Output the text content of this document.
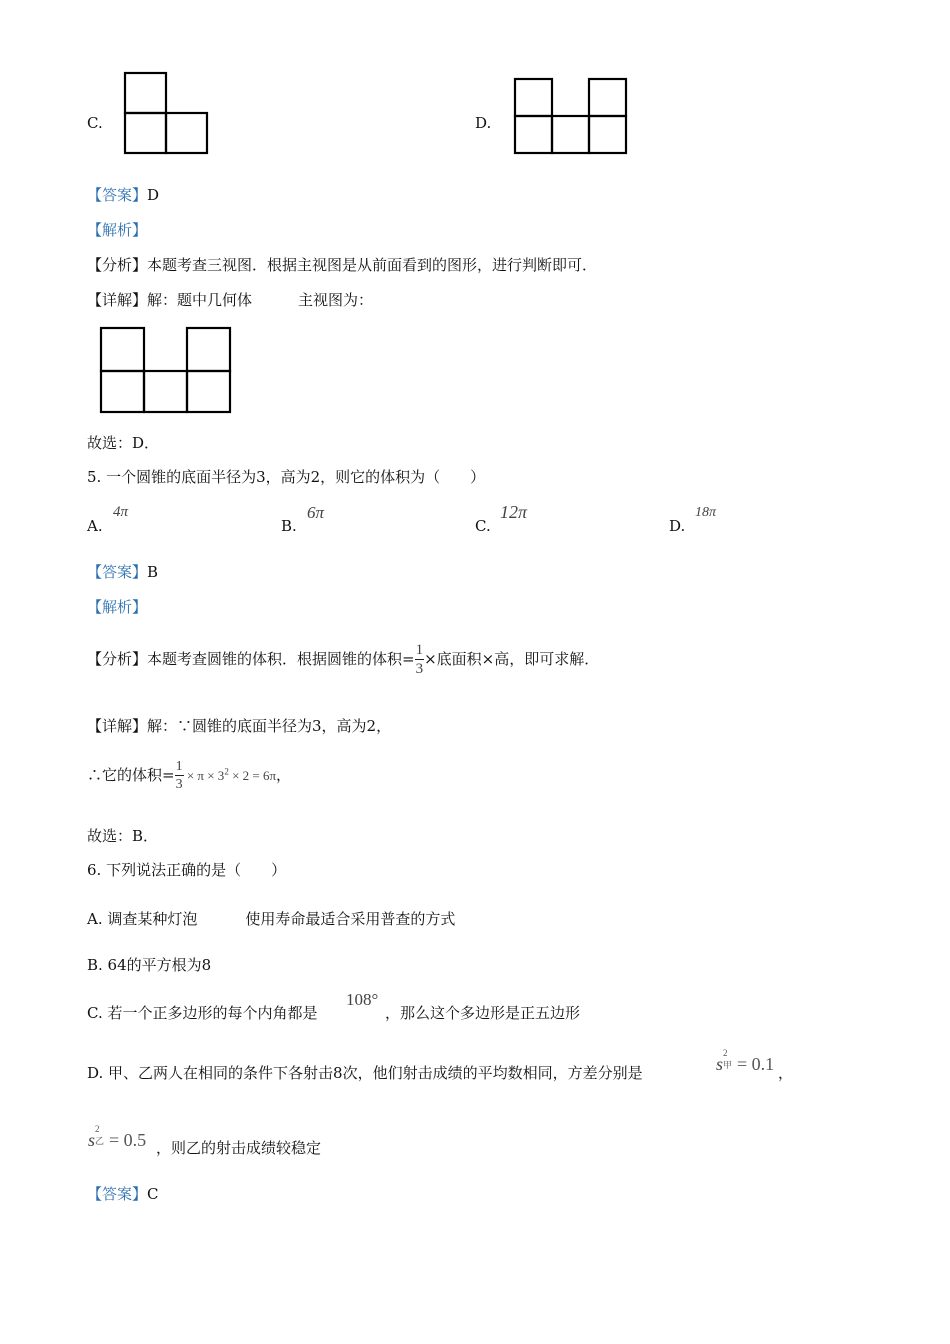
C.	D.
【答案】D
【解析】
【分析】本题考查三视图．根据主视图是从前面看到的图形，进行判断即可．
【详解】解：题中几何体	主视图为：
故选：D．
5. 一个圆锥的底面半径为3，高为2，则它的体积为（　　）
A.
4π
B.
6π
C.
12π
D.
18π
【答案】B
【解析】
【分析】本题考查圆锥的体积．根据圆锥的体积= $\frac{1}{3}$ ×底面积×高，即可求解．
【详解】解：∵圆锥的底面半径为3，高为2，
∴它的体积= $\frac{1}{3} \times \pi \times 3^2 \times 2 = 6\pi$，
故选：B．
6. 下列说法正确的是（　　）
A. 调查某种灯泡	使用寿命最适合采用普查的方式
B. 64的平方根为8
C. 若一个正多边形的每个内角都是
108°
，那么这个多边形是正五边形
D. 甲、乙两人在相同的条件下各射击8次，他们射击成绩的平均数相同，方差分别是	s
2
甲 = 0.1 ，
s
2
乙 = 0.5 ，则乙的射击成绩较稳定
【答案】C
